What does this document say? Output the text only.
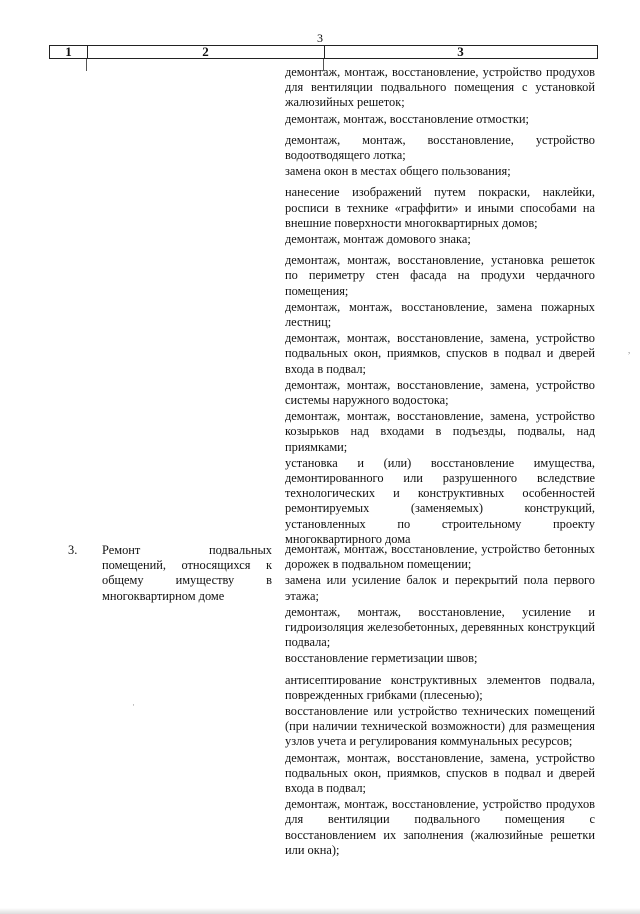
3
1	2	3

демонтаж, монтаж, восстановление, устройство продухов для вентиляции подвального помещения с установкой жалюзийных решеток;

демонтаж, монтаж, восстановление отмостки;

демонтаж, монтаж, восстановление, устройство водоотводящего лотка;

замена окон в местах общего пользования;

нанесение изображений путем покраски, наклейки, росписи в технике «граффити» и иными способами на внешние поверхности многоквартирных домов;

демонтаж, монтаж домового знака;

демонтаж, монтаж, восстановление, установка решеток по периметру стен фасада на продухи чердачного помещения;

демонтаж, монтаж, восстановление, замена пожарных лестниц;

демонтаж, монтаж, восстановление, замена, устройство подвальных окон, приямков, спусков в подвал и дверей входа в подвал;

демонтаж, монтаж, восстановление, замена, устройство системы наружного водостока;

демонтаж, монтаж, восстановление, замена, устройство козырьков над входами в подъезды, подвалы, над приямками;

установка и (или) восстановление имущества, демонтированного или разрушенного вследствие технологических и конструктивных особенностей ремонтируемых (заменяемых) конструкций, установленных по строительному проекту многоквартирного дома

3. Ремонт подвальных помещений, относящихся к общему имуществу в многоквартирном доме

демонтаж, монтаж, восстановление, устройство бетонных дорожек в подвальном помещении;

замена или усиление балок и перекрытий пола первого этажа;

демонтаж, монтаж, восстановление, усиление и гидроизоляция железобетонных, деревянных конструкций подвала;

восстановление герметизации швов;

антисептирование конструктивных элементов подвала, поврежденных грибками (плесенью);

восстановление или устройство технических помещений (при наличии технической возможности) для размещения узлов учета и регулирования коммунальных ресурсов;

демонтаж, монтаж, восстановление, замена, устройство подвальных окон, приямков, спусков в подвал и дверей входа в подвал;

демонтаж, монтаж, восстановление, устройство продухов для вентиляции подвального помещения с восстановлением их заполнения (жалюзийные решетки или окна);

,
·
